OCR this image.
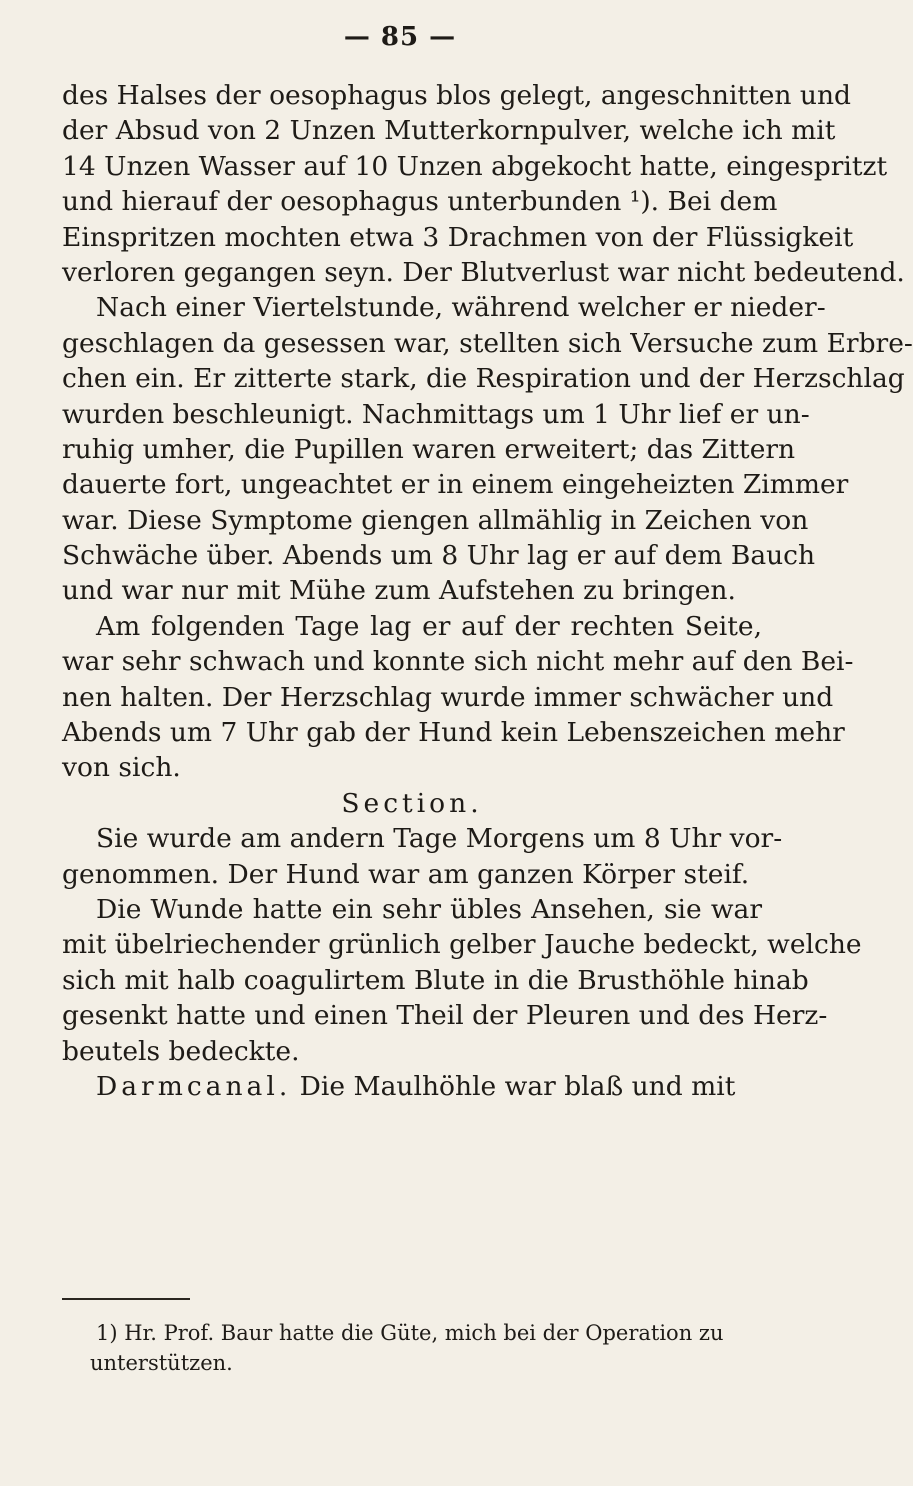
— 85 —
des Halses der oesophagus blos gelegt, angeschnitten und
der Absud von 2 Unzen Mutterkornpulver, welche ich mit
14 Unzen Wasser auf 10 Unzen abgekocht hatte, eingespritzt
und hierauf der oesophagus unterbunden ¹). Bei dem
Einspritzen mochten etwa 3 Drachmen von der Flüssigkeit
verloren gegangen seyn. Der Blutverlust war nicht bedeutend.
Nach einer Viertelstunde, während welcher er nieder-
geschlagen da gesessen war, stellten sich Versuche zum Erbre-
chen ein. Er zitterte stark, die Respiration und der Herzschlag
wurden beschleunigt. Nachmittags um 1 Uhr lief er un-
ruhig umher, die Pupillen waren erweitert; das Zittern
dauerte fort, ungeachtet er in einem eingeheizten Zimmer
war. Diese Symptome giengen allmählig in Zeichen von
Schwäche über. Abends um 8 Uhr lag er auf dem Bauch
und war nur mit Mühe zum Aufstehen zu bringen.
Am folgenden Tage lag er auf der rechten Seite,
war sehr schwach und konnte sich nicht mehr auf den Bei-
nen halten. Der Herzschlag wurde immer schwächer und
Abends um 7 Uhr gab der Hund kein Lebenszeichen mehr
von sich.
Section.
Sie wurde am andern Tage Morgens um 8 Uhr vor-
genommen. Der Hund war am ganzen Körper steif.
Die Wunde hatte ein sehr übles Ansehen, sie war
mit übelriechender grünlich gelber Jauche bedeckt, welche
sich mit halb coagulirtem Blute in die Brusthöhle hinab
gesenkt hatte und einen Theil der Pleuren und des Herz-
beutels bedeckte.
Darmcanal. Die Maulhöhle war blaß und mit
1) Hr. Prof. Baur hatte die Güte, mich bei der Operation zu
unterstützen.
